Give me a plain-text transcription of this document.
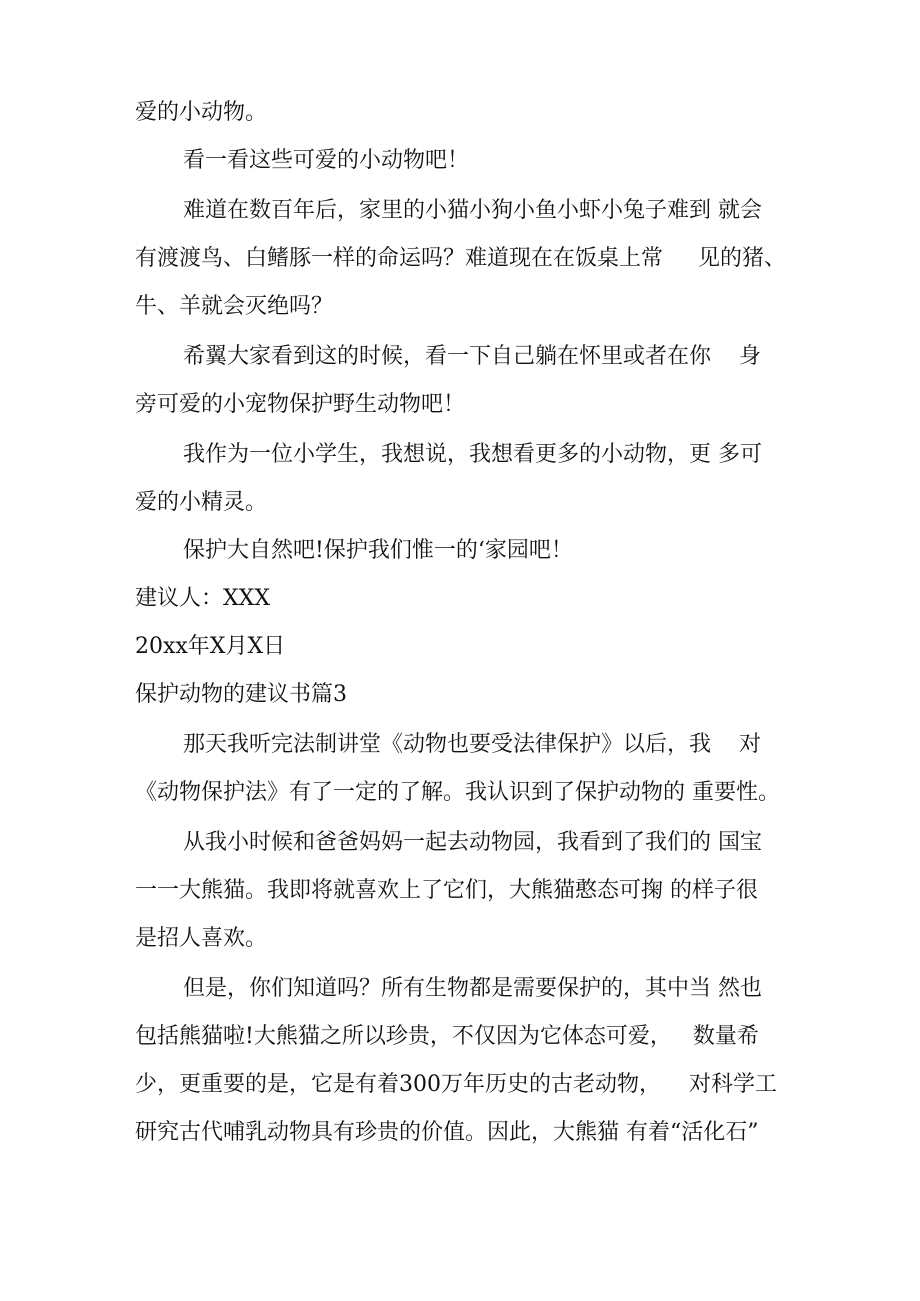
爱的小动物。
看一看这些可爱的小动物吧！
难道在数百年后，家里的小猫小狗小鱼小虾小兔子难到 就会
有渡渡鸟、白鳍豚一样的命运吗？难道现在在饭桌上常     见的猪、
牛、羊就会灭绝吗？
希翼大家看到这的时候，看一下自己躺在怀里或者在你    身
旁可爱的小宠物保护野生动物吧！
我作为一位小学生，我想说，我想看更多的小动物，更 多可
爱的小精灵。
保护大自然吧!保护我们惟一的‘家园吧！
建议人：XXX
20xx年X月X日
保护动物的建议书篇3
那天我听完法制讲堂《动物也要受法律保护》以后，我    对
《动物保护法》有了一定的了解。我认识到了保护动物的 重要性。
从我小时候和爸爸妈妈一起去动物园，我看到了我们的 国宝
一一大熊猫。我即将就喜欢上了它们，大熊猫憨态可掬 的样子很
是招人喜欢。
但是，你们知道吗？所有生物都是需要保护的，其中当 然也
包括熊猫啦!大熊猫之所以珍贵，不仅因为它体态可爱，   数量希
少，更重要的是，它是有着300万年历史的古老动物，    对科学工
研究古代哺乳动物具有珍贵的价值。因此，大熊猫 有着“活化石”
